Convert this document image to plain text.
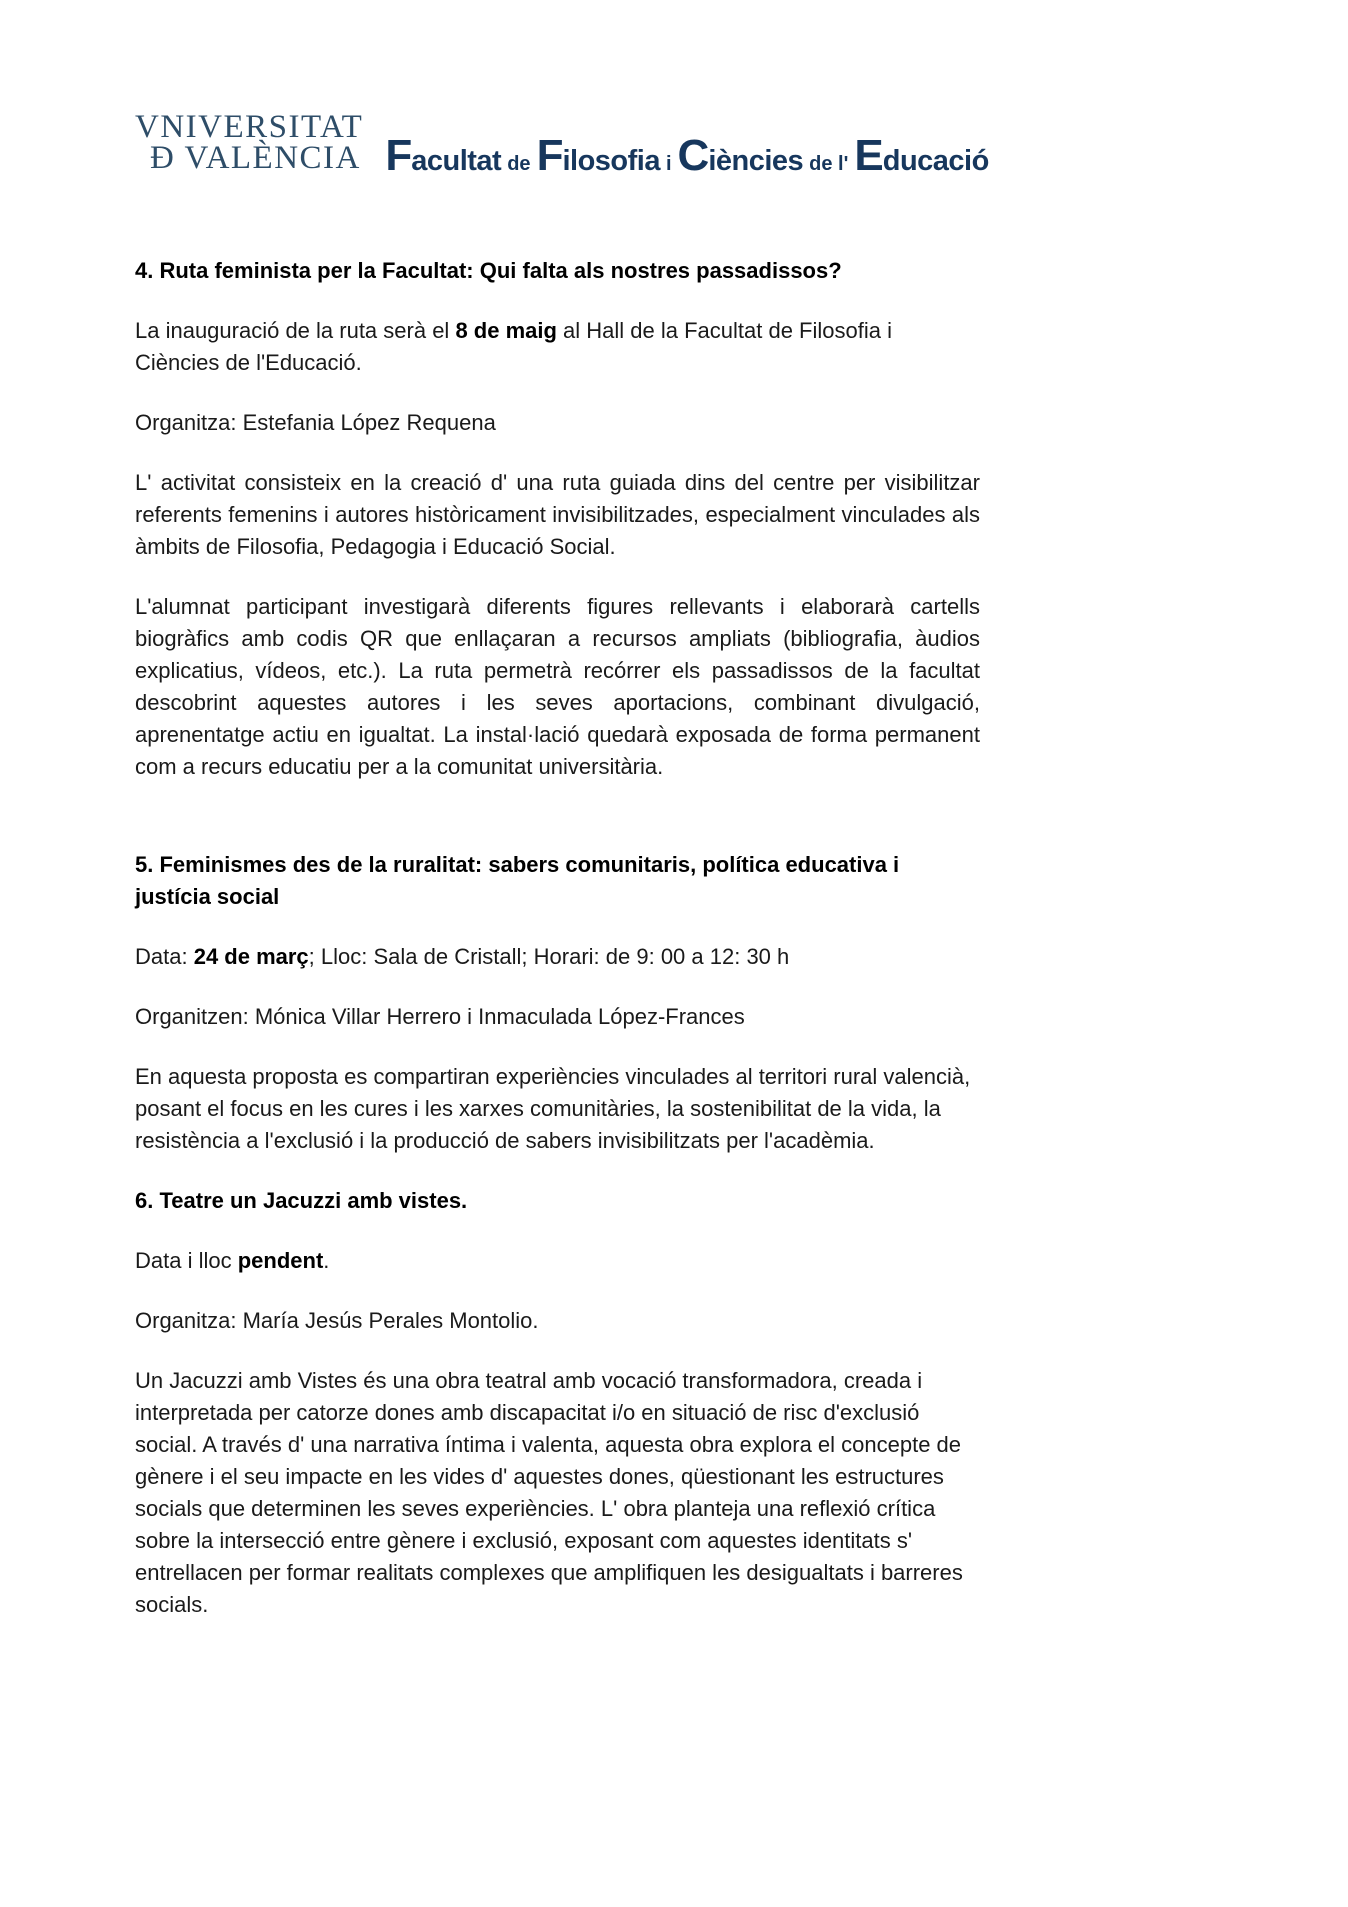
VNIVERSITAT
Ð VALÈNCIA Facultat de Filosofia i Ciències de l' Educació
4. Ruta feminista per la Facultat: Qui falta als nostres passadissos?

La inauguració de la ruta serà el 8 de maig al Hall de la Facultat de Filosofia i Ciències de l'Educació.

Organitza: Estefania López Requena

L' activitat consisteix en la creació d' una ruta guiada dins del centre per visibilitzar referents femenins i autores històricament invisibilitzades, especialment vinculades als àmbits de Filosofia, Pedagogia i Educació Social.

L'alumnat participant investigarà diferents figures rellevants i elaborarà cartells biogràfics amb codis QR que enllaçaran a recursos ampliats (bibliografia, àudios explicatius, vídeos, etc.). La ruta permetrà recórrer els passadissos de la facultat descobrint aquestes autores i les seves aportacions, combinant divulgació, aprenentatge actiu en igualtat. La instal·lació quedarà exposada de forma permanent com a recurs educatiu per a la comunitat universitària.

5. Feminismes des de la ruralitat: sabers comunitaris, política educativa i justícia social

Data: 24 de març; Lloc: Sala de Cristall; Horari: de 9: 00 a 12: 30 h

Organitzen: Mónica Villar Herrero i Inmaculada López-Frances

En aquesta proposta es compartiran experiències vinculades al territori rural valencià, posant el focus en les cures i les xarxes comunitàries, la sostenibilitat de la vida, la resistència a l'exclusió i la producció de sabers invisibilitzats per l'acadèmia.

6. Teatre un Jacuzzi amb vistes.

Data i lloc pendent.

Organitza: María Jesús Perales Montolio.

Un Jacuzzi amb Vistes és una obra teatral amb vocació transformadora, creada i interpretada per catorze dones amb discapacitat i/o en situació de risc d'exclusió social. A través d' una narrativa íntima i valenta, aquesta obra explora el concepte de gènere i el seu impacte en les vides d' aquestes dones, qüestionant les estructures socials que determinen les seves experiències. L' obra planteja una reflexió crítica sobre la intersecció entre gènere i exclusió, exposant com aquestes identitats s' entrellacen per formar realitats complexes que amplifiquen les desigualtats i barreres socials.
